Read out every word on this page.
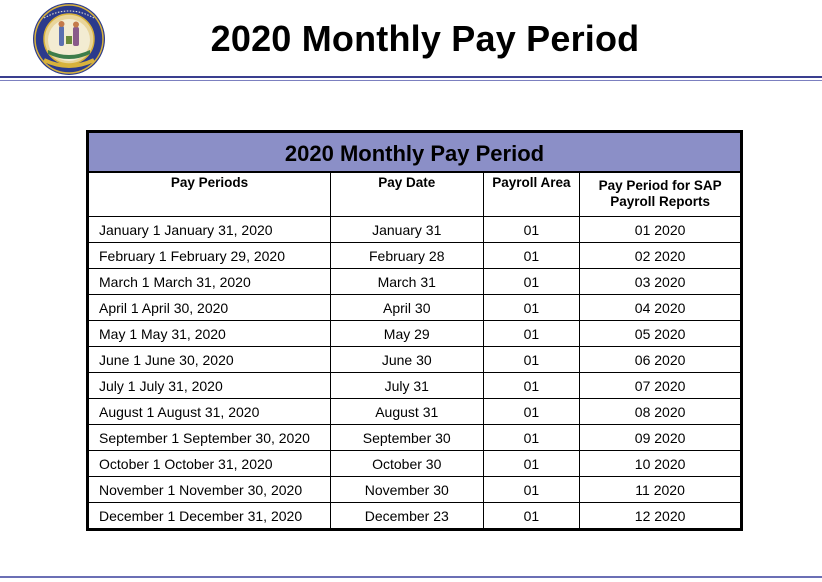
2020 Monthly Pay Period
2020 Monthly Pay Period			
Pay Periods	Pay Date	Payroll Area	Pay Period for SAP
Payroll Reports
January 1 January 31, 2020	January 31	01	01 2020
February 1 February 29, 2020	February 28	01	02 2020
March 1 March 31, 2020	March 31	01	03 2020
April 1 April 30, 2020	April 30	01	04 2020
May 1 May 31, 2020	May 29	01	05 2020
June 1 June 30, 2020	June 30	01	06 2020
July 1 July 31, 2020	July 31	01	07 2020
August 1 August 31, 2020	August 31	01	08 2020
September 1 September 30, 2020	September 30	01	09 2020
October 1 October 31, 2020	October 30	01	10 2020
November 1 November 30, 2020	November 30	01	11 2020
December 1 December 31, 2020	December 23	01	12 2020
